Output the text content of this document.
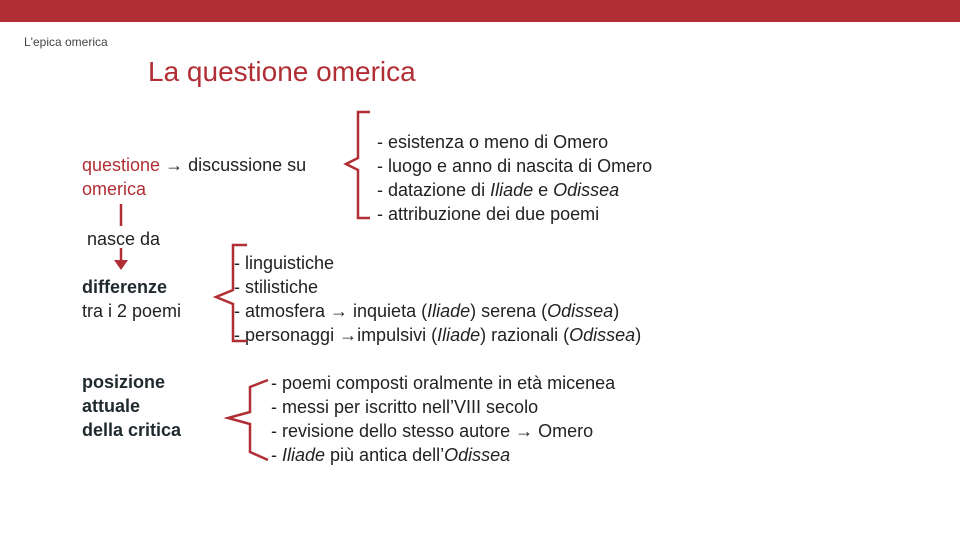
L'epica omerica
La questione omerica
questione → discussione su
omerica
- esistenza o meno di Omero
- luogo e anno di nascita di Omero
- datazione di Iliade e Odissea
- attribuzione dei due poemi
nasce da
differenze
tra i 2 poemi
- linguistiche
- stilistiche
- atmosfera → inquieta (Iliade) serena (Odissea)
- personaggi →impulsivi (Iliade) razionali (Odissea)
posizione
attuale
della critica
- poemi composti oralmente in età micenea
- messi per iscritto nell’VIII secolo
- revisione dello stesso autore → Omero
- Iliade più antica dell’Odissea
